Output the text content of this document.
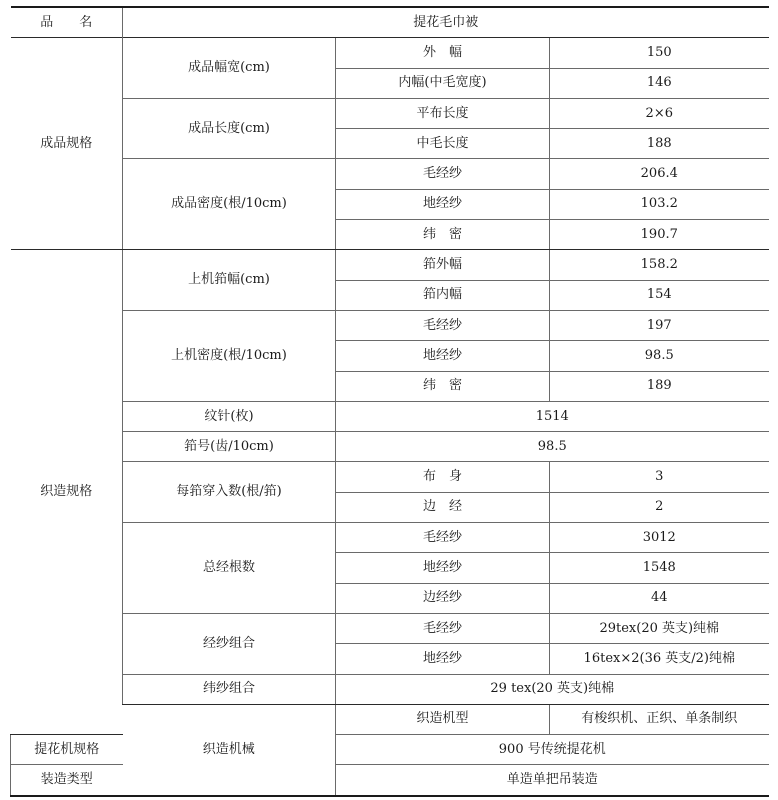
品　　名	提花毛巾被		
成品规格	成品幅宽(cm)	外　幅	150
		内幅(中毛宽度)	146
	成品长度(cm)	平布长度	2×6
		中毛长度	188
	成品密度(根/10cm)	毛经纱	206.4
		地经纱	103.2
		纬　密	190.7
织造规格	上机筘幅(cm)	筘外幅	158.2
		筘内幅	154
	上机密度(根/10cm)	毛经纱	197
		地经纱	98.5
		纬　密	189
	纹针(枚)	1514	
	筘号(齿/10cm)	98.5	
	每筘穿入数(根/筘)	布　身	3
		边　经	2
	总经根数	毛经纱	3012
		地经纱	1548
		边经纱	44
	经纱组合	毛经纱	29tex(20 英支)纯棉
		地经纱	16tex×2(36 英支/2)纯棉
	纬纱组合	29 tex(20 英支)纯棉	
	织造机械	织造机型	有梭织机、正织、单条制织
提花机规格		900 号传统提花机	
装造类型		单造单把吊装造	
